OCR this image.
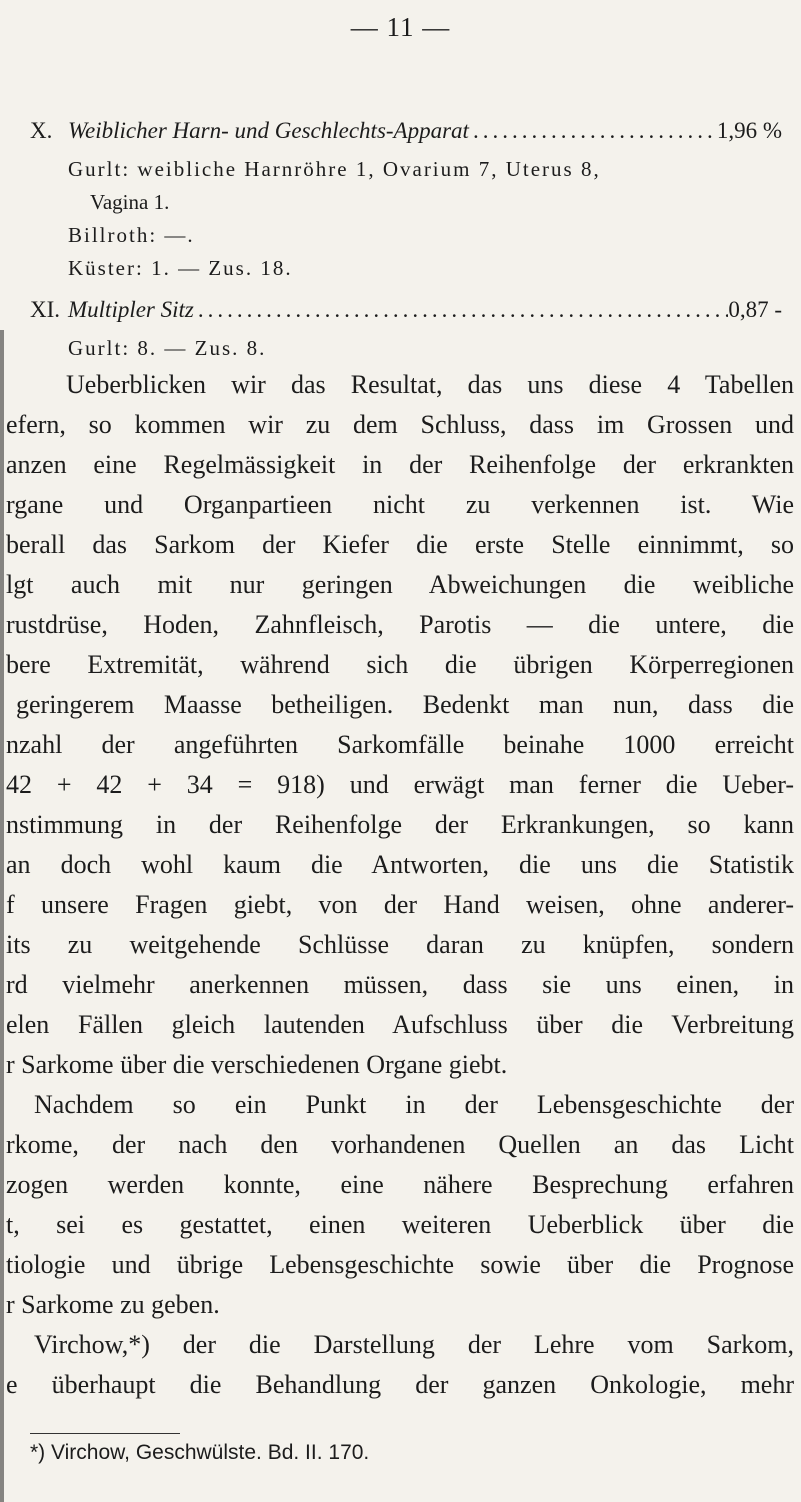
— 11 —
X. Weiblicher Harn- und Geschlechts-Apparat .....	1,96 %
Gurlt: weibliche Harnröhre 1, Ovarium 7, Uterus 8,
Vagina 1.
Billroth: —.
Küster: 1. — Zus. 18.
XI. Multipler Sitz .....	0,87 -
Gurlt: 8. — Zus. 8.
Ueberblicken wir das Resultat, das uns diese 4 Tabellen
efern, so kommen wir zu dem Schluss, dass im Grossen und
anzen eine Regelmässigkeit in der Reihenfolge der erkrankten
rgane und Organpartieen nicht zu verkennen ist. Wie
berall das Sarkom der Kiefer die erste Stelle einnimmt, so
lgt auch mit nur geringen Abweichungen die weibliche
rustdrüse, Hoden, Zahnfleisch, Parotis — die untere, die
bere Extremität, während sich die übrigen Körperregionen
geringerem Maasse betheiligen. Bedenkt man nun, dass die
nzahl der angeführten Sarkomfälle beinahe 1000 erreicht
42 + 42 + 34 = 918) und erwägt man ferner die Ueber-
nstimmung in der Reihenfolge der Erkrankungen, so kann
an doch wohl kaum die Antworten, die uns die Statistik
f unsere Fragen giebt, von der Hand weisen, ohne anderer-
its zu weitgehende Schlüsse daran zu knüpfen, sondern
rd vielmehr anerkennen müssen, dass sie uns einen, in
elen Fällen gleich lautenden Aufschluss über die Verbreitung
r Sarkome über die verschiedenen Organe giebt.
Nachdem so ein Punkt in der Lebensgeschichte der
rkome, der nach den vorhandenen Quellen an das Licht
zogen werden konnte, eine nähere Besprechung erfahren
t, sei es gestattet, einen weiteren Ueberblick über die
tiologie und übrige Lebensgeschichte sowie über die Prognose
r Sarkome zu geben.
Virchow,*) der die Darstellung der Lehre vom Sarkom,
e überhaupt die Behandlung der ganzen Onkologie, mehr
*) Virchow, Geschwülste. Bd. II. 170.
